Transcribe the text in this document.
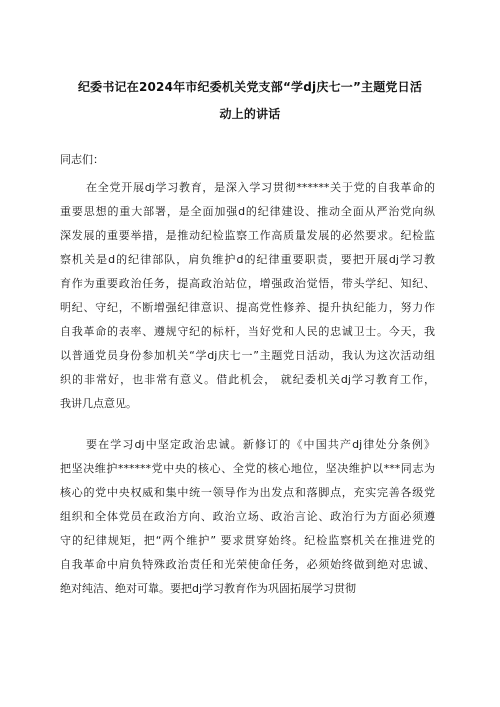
纪委书记在2024年市纪委机关党支部“学dj庆七一”主题党日活
动上的讲话
同志们：
在全党开展dj学习教育，是深入学习贯彻******关于党的自我革命的
重要思想的重大部署，是全面加强d的纪律建设、推动全面从严治党向纵
深发展的重要举措，是推动纪检监察工作高质量发展的必然要求。纪检监
察机关是d的纪律部队，肩负维护d的纪律重要职责，要把开展dj学习教
育作为重要政治任务，提高政治站位，增强政治觉悟，带头学纪、知纪、
明纪、守纪，不断增强纪律意识、提高党性修养、提升执纪能力，努力作
自我革命的表率、遵规守纪的标杆，当好党和人民的忠诚卫士。今天，我
以普通党员身份参加机关“学dj庆七一”主题党日活动，我认为这次活动组
织的非常好，也非常有意义。借此机会， 就纪委机关dj学习教育工作，
我讲几点意见。
要在学习dj中坚定政治忠诚。新修订的《中国共产dj律处分条例》
把坚决维护******党中央的核心、全党的核心地位，坚决维护以***同志为
核心的党中央权威和集中统一领导作为出发点和落脚点，充实完善各级党
组织和全体党员在政治方向、政治立场、政治言论、政治行为方面必须遵
守的纪律规矩，把“两个维护” 要求贯穿始终。纪检监察机关在推进党的
自我革命中肩负特殊政治责任和光荣使命任务，必须始终做到绝对忠诚、
绝对纯洁、绝对可靠。要把dj学习教育作为巩固拓展学习贯彻
